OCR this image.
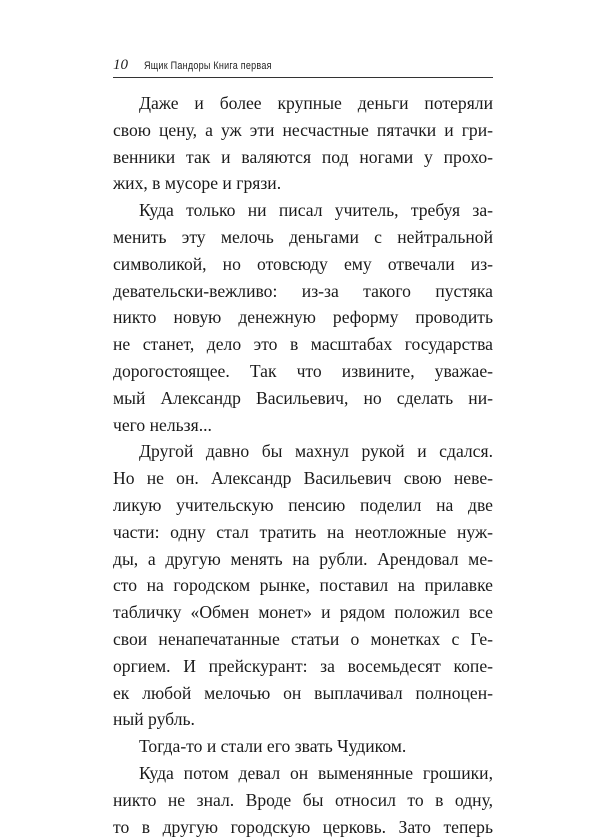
10 Ящик Пандоры Книга первая
Даже и более крупные деньги потеряли
свою цену, а уж эти несчастные пятачки и гри-
венники так и валяются под ногами у прохо-
жих, в мусоре и грязи.
Куда только ни писал учитель, требуя за-
менить эту мелочь деньгами с нейтральной
символикой, но отовсюду ему отвечали из-
девательски-вежливо: из-за такого пустяка
никто новую денежную реформу проводить
не станет, дело это в масштабах государства
дорогостоящее. Так что извините, уважае-
мый Александр Васильевич, но сделать ни-
чего нельзя...
Другой давно бы махнул рукой и сдался.
Но не он. Александр Васильевич свою неве-
ликую учительскую пенсию поделил на две
части: одну стал тратить на неотложные нуж-
ды, а другую менять на рубли. Арендовал ме-
сто на городском рынке, поставил на прилавке
табличку «Обмен монет» и рядом положил все
свои ненапечатанные статьи о монетках с Ге-
оргием. И прейскурант: за восемьдесят копе-
ек любой мелочью он выплачивал полноцен-
ный рубль.
Тогда-то и стали его звать Чудиком.
Куда потом девал он выменянные грошики,
никто не знал. Вроде бы относил то в одну,
то в другую городскую церковь. Зато теперь
